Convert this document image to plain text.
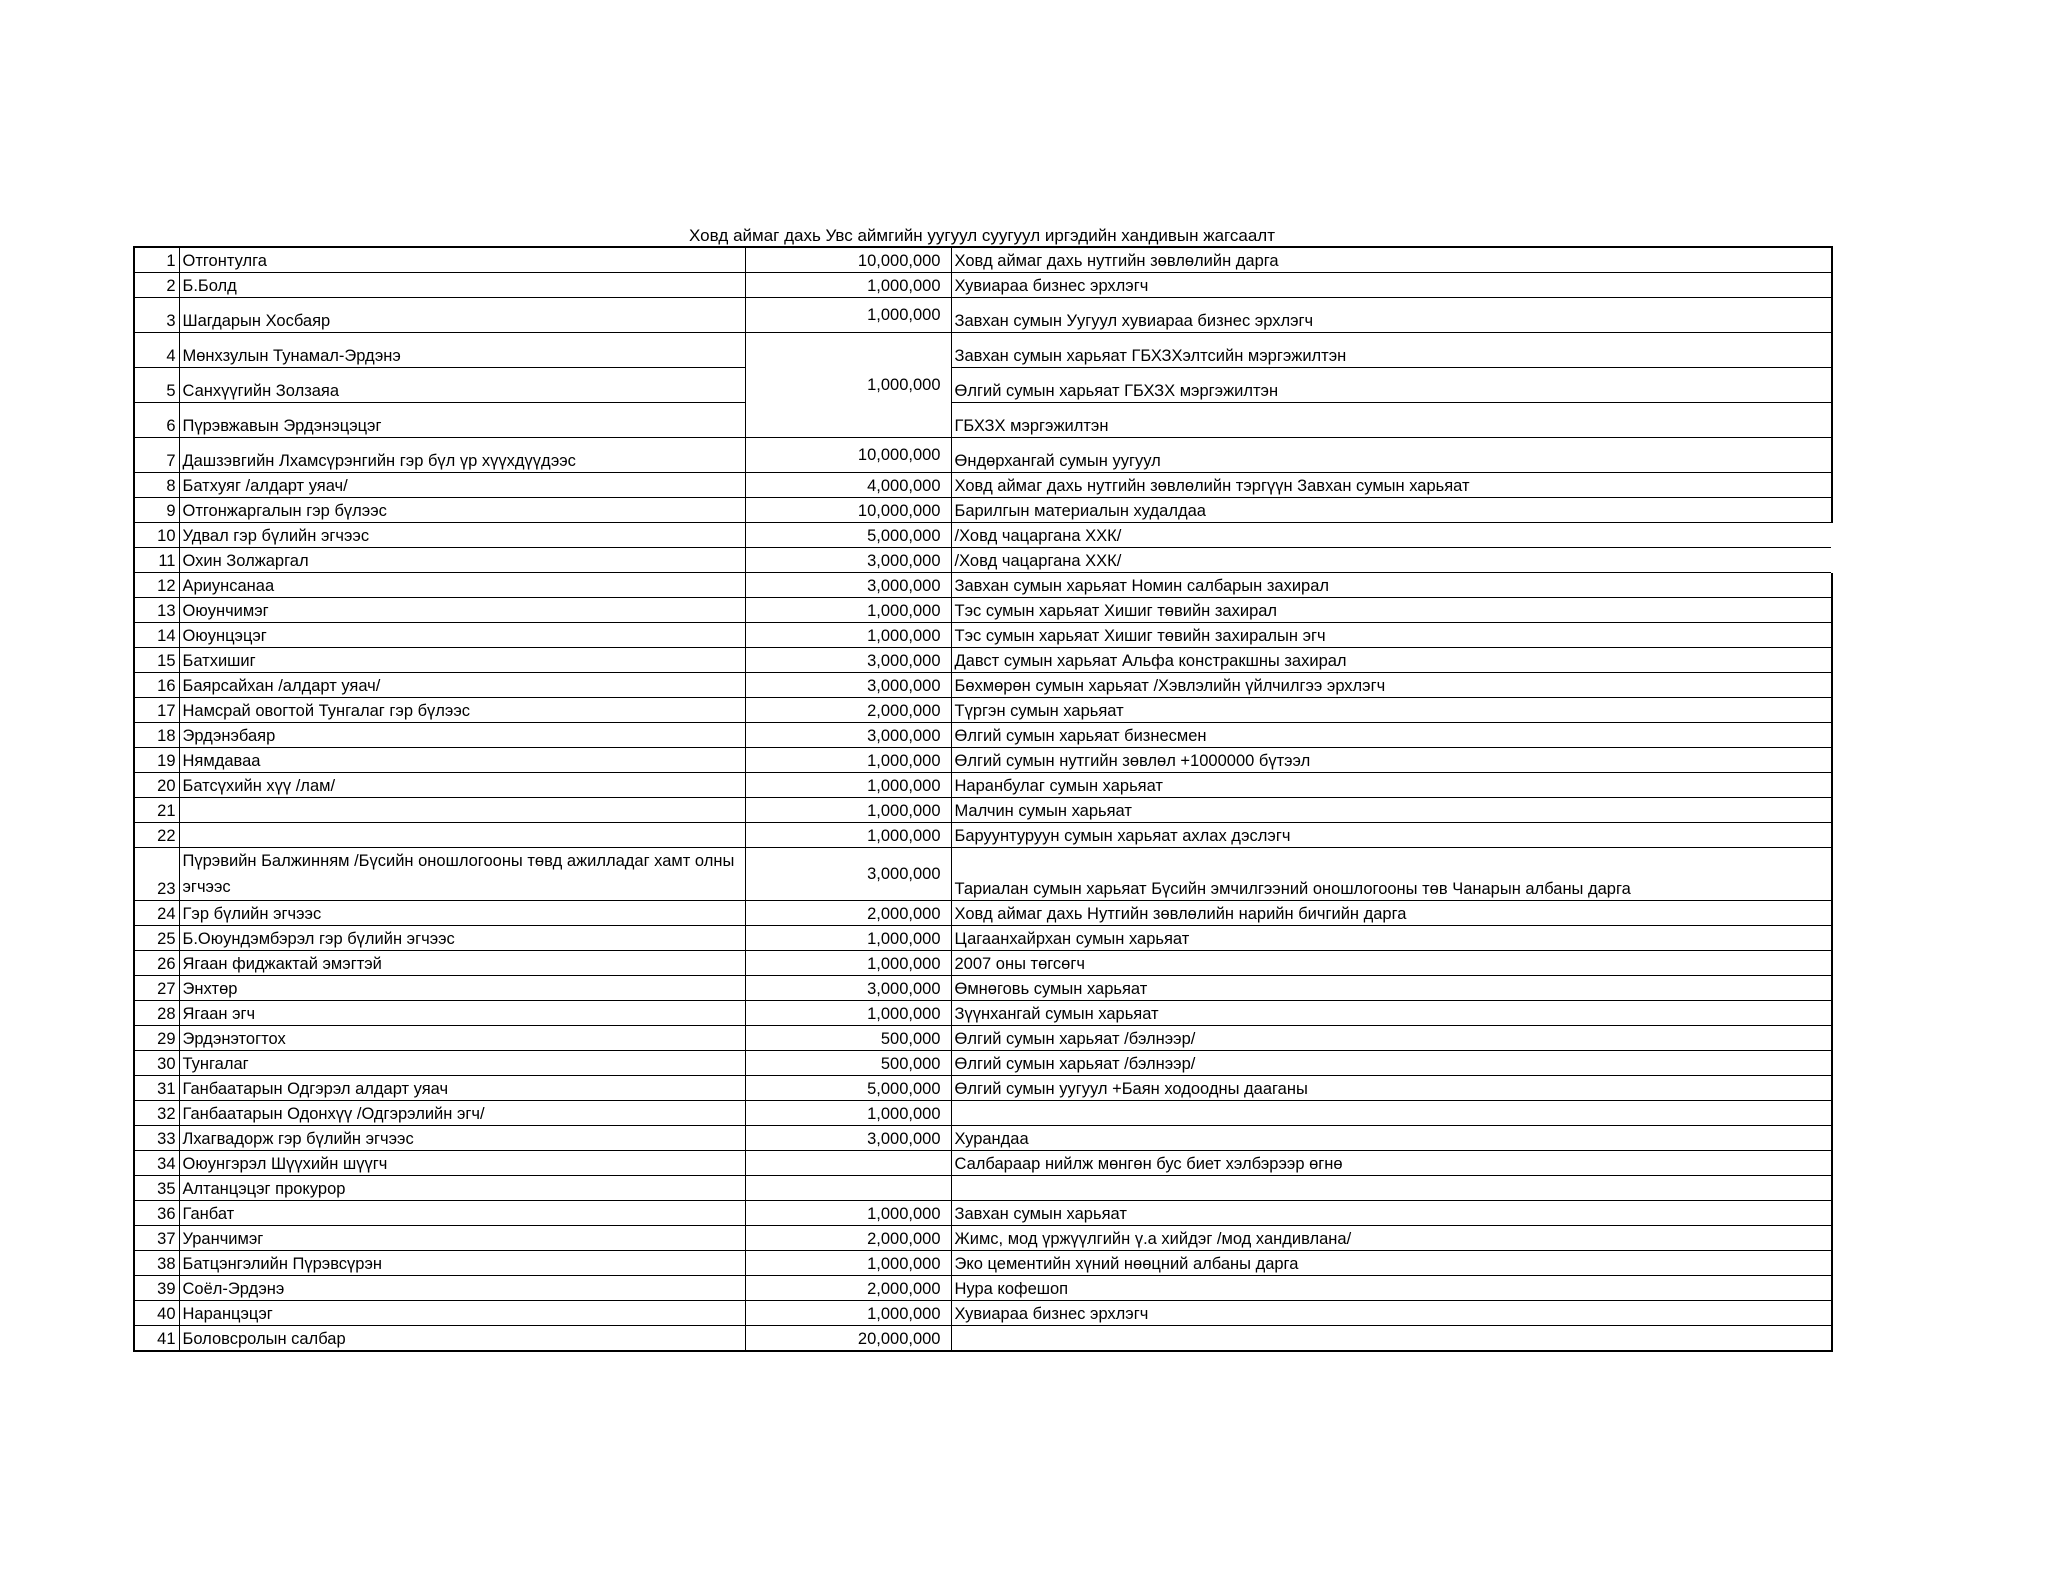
Ховд аймаг дахь Увс аймгийн уугуул суугуул иргэдийн хандивын жагсаалт
1	Отгонтулга	10,000,000	Ховд аймаг дахь нутгийн зөвлөлийн дарга
2	Б.Болд	1,000,000	Хувиараа бизнес эрхлэгч
3	Шагдарын Хосбаяр	1,000,000	Завхан сумын Уугуул хувиараа бизнес эрхлэгч
4	Мөнхзулын Тунамал-Эрдэнэ	1,000,000	Завхан сумын харьяат ГБХЗХэлтсийн мэргэжилтэн
5	Санхүүгийн Золзаяа		Өлгий сумын харьяат ГБХЗХ мэргэжилтэн
6	Пүрэвжавын Эрдэнэцэцэг		ГБХЗХ мэргэжилтэн
7	Дашзэвгийн Лхамсүрэнгийн гэр бүл үр хүүхдүүдээс	10,000,000	Өндөрхангай сумын уугуул
8	Батхуяг /алдарт уяач/	4,000,000	Ховд аймаг дахь нутгийн зөвлөлийн тэргүүн Завхан сумын харьяат
9	Отгонжаргалын гэр бүлээс	10,000,000	Барилгын материалын худалдаа
10	Удвал гэр бүлийн эгчээс	5,000,000	/Ховд чацаргана ХХК/
11	Охин Золжаргал	3,000,000	/Ховд чацаргана ХХК/
12	Ариунсанаа	3,000,000	Завхан сумын харьяат Номин салбарын захирал
13	Оюунчимэг	1,000,000	Тэс сумын харьяат Хишиг төвийн захирал
14	Оюунцэцэг	1,000,000	Тэс сумын харьяат Хишиг төвийн захиралын эгч
15	Батхишиг	3,000,000	Давст сумын харьяат Альфа констракшны захирал
16	Баярсайхан /алдарт уяач/	3,000,000	Бөхмөрөн сумын харьяат /Хэвлэлийн үйлчилгээ эрхлэгч
17	Намсрай овогтой Тунгалаг гэр бүлээс	2,000,000	Түргэн сумын харьяат
18	Эрдэнэбаяр	3,000,000	Өлгий сумын харьяат бизнесмен
19	Нямдаваа	1,000,000	Өлгий сумын нутгийн зөвлөл +1000000 бүтээл
20	Батсүхийн хүү /лам/	1,000,000	Наранбулаг сумын харьяат
21		1,000,000	Малчин сумын харьяат
22		1,000,000	Баруунтуруун сумын харьяат ахлах дэслэгч
23	Пүрэвийн Балжинням /Бүсийн оношлогооны төвд ажилладаг хамт олны эгчээс	3,000,000	Тариалан сумын харьяат Бүсийн эмчилгээний оношлогооны төв Чанарын албаны дарга
24	Гэр бүлийн эгчээс	2,000,000	Ховд аймаг дахь Нутгийн зөвлөлийн нарийн бичгийн дарга
25	Б.Оюундэмбэрэл гэр бүлийн эгчээс	1,000,000	Цагаанхайрхан сумын харьяат
26	Ягаан фиджактай эмэгтэй	1,000,000	2007 оны төгсөгч
27	Энхтөр	3,000,000	Өмнөговь сумын харьяат
28	Ягаан эгч	1,000,000	Зүүнхангай сумын харьяат
29	Эрдэнэтогтох	500,000	Өлгий сумын харьяат /бэлнээр/
30	Тунгалаг	500,000	Өлгий сумын харьяат /бэлнээр/
31	Ганбаатарын Одгэрэл алдарт уяач	5,000,000	Өлгий сумын уугуул +Баян ходоодны дааганы
32	Ганбаатарын Одонхүү /Одгэрэлийн эгч/	1,000,000	
33	Лхагвадорж гэр бүлийн эгчээс	3,000,000	Хурандаа
34	Оюунгэрэл Шүүхийн шүүгч		Салбараар нийлж мөнгөн бус биет хэлбэрээр өгнө
35	Алтанцэцэг прокурор		
36	Ганбат	1,000,000	Завхан сумын харьяат
37	Уранчимэг	2,000,000	Жимс, мод үржүүлгийн ү.а хийдэг /мод хандивлана/
38	Батцэнгэлийн Пүрэвсүрэн	1,000,000	Эко цементийн хүний нөөцний албаны дарга
39	Соёл-Эрдэнэ	2,000,000	Нура кофешоп
40	Наранцэцэг	1,000,000	Хувиараа бизнес эрхлэгч
41	Боловсролын салбар	20,000,000	
